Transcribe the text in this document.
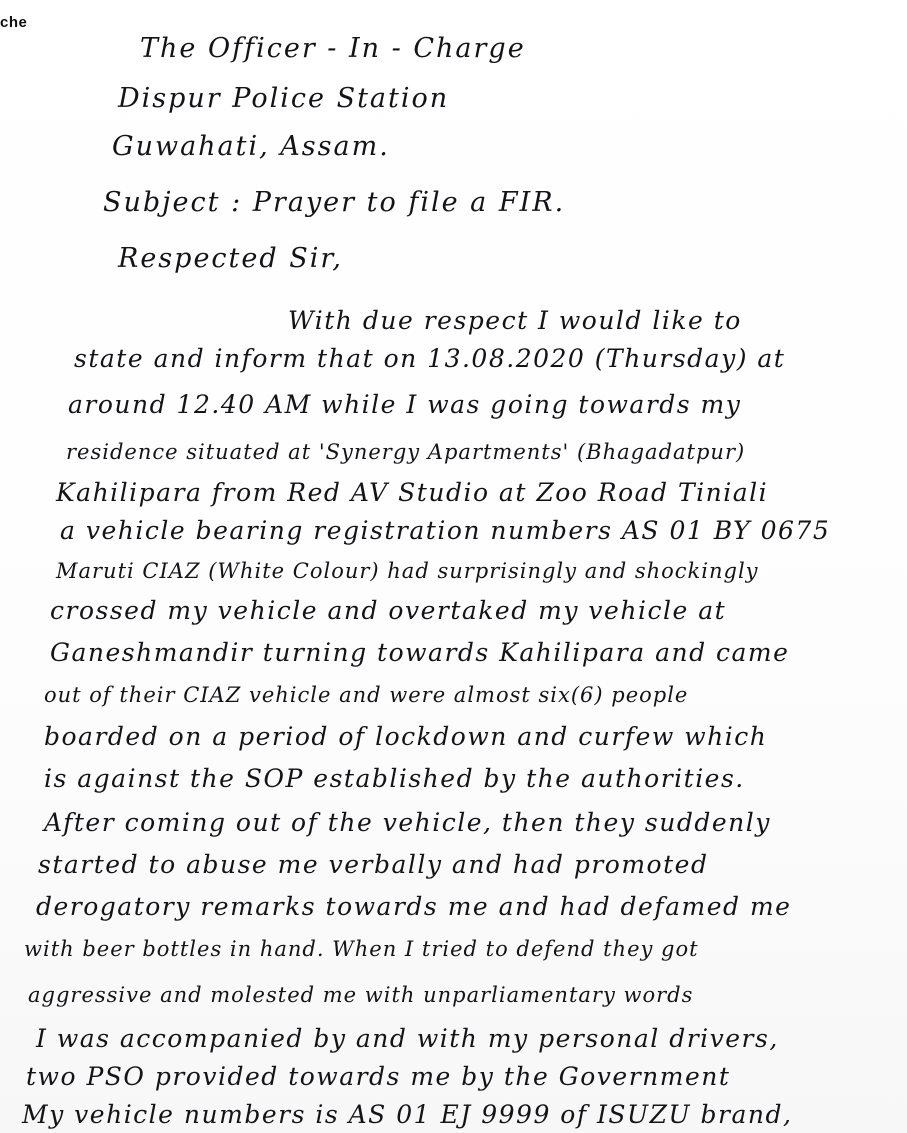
che
The Officer - In - Charge
Dispur Police Station
Guwahati, Assam.
Subject : Prayer to file a FIR.
Respected Sir,
With due respect I would like to
state and inform that on 13.08.2020 (Thursday) at
around 12.40 AM while I was going towards my
residence situated at 'Synergy Apartments' (Bhagadatpur)
Kahilipara from Red AV Studio at Zoo Road Tiniali
a vehicle bearing registration numbers AS 01 BY 0675
Maruti CIAZ (White Colour) had surprisingly and shockingly
crossed my vehicle and overtaked my vehicle at
Ganeshmandir turning towards Kahilipara and came
out of their CIAZ vehicle and were almost six(6) people
boarded on a period of lockdown and curfew which
is against the SOP established by the authorities.
After coming out of the vehicle, then they suddenly
started to abuse me verbally and had promoted
derogatory remarks towards me and had defamed me
with beer bottles in hand. When I tried to defend they got
aggressive and molested me with unparliamentary words
I was accompanied by and with my personal drivers,
two PSO provided towards me by the Government
My vehicle numbers is AS 01 EJ 9999 of ISUZU brand,
